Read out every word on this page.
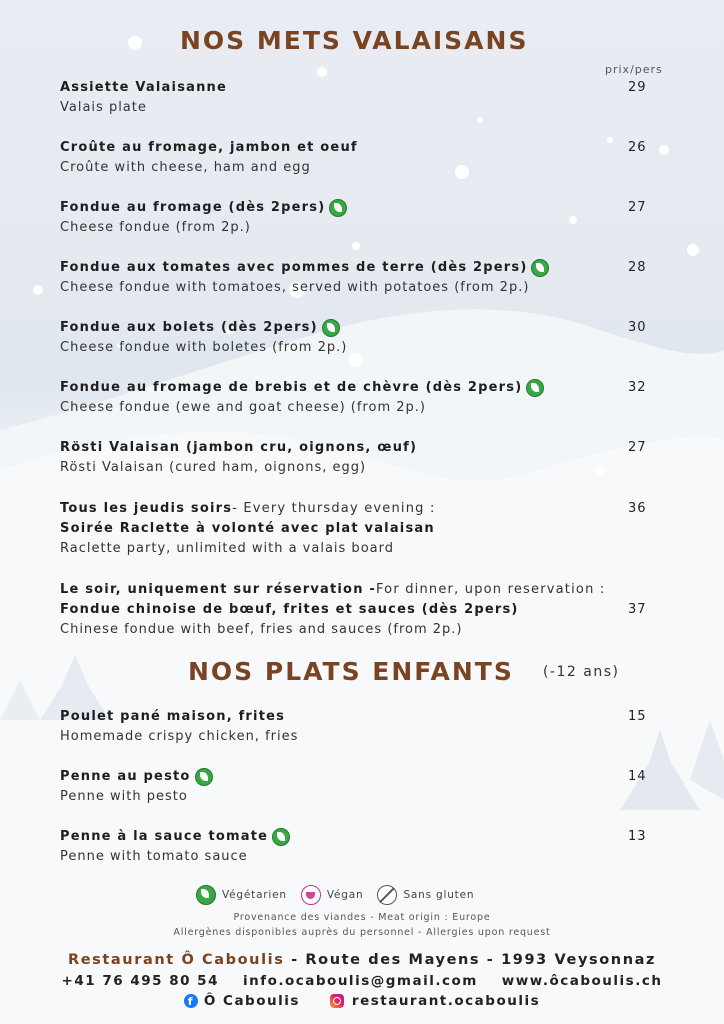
NOS METS VALAISANS
prix/pers
Assiette Valaisanne
Valais plate
29
Croûte au fromage, jambon et oeuf
Croûte with cheese, ham and egg
26
Fondue au fromage (dès 2pers)
Cheese fondue (from 2p.)
27
Fondue aux tomates avec pommes de terre (dès 2pers)
Cheese fondue with tomatoes, served with potatoes (from 2p.)
28
Fondue aux bolets (dès 2pers)
Cheese fondue with boletes (from 2p.)
30
Fondue au fromage de brebis et de chèvre (dès 2pers)
Cheese fondue (ewe and goat cheese) (from 2p.)
32
Rösti Valaisan (jambon cru, oignons, œuf)
Rösti Valaisan (cured ham, oignons, egg)
27
Tous les jeudis soirs - Every thursday evening :
Soirée Raclette à volonté avec plat valaisan
Raclette party, unlimited with a valais board
36
Le soir, uniquement sur réservation - For dinner, upon reservation :
Fondue chinoise de bœuf, frites et sauces (dès 2pers)
Chinese fondue with beef, fries and sauces (from 2p.)
37
NOS PLATS ENFANTS (-12 ans)
Poulet pané maison, frites
Homemade crispy chicken, fries
15
Penne au pesto
Penne with pesto
14
Penne à la sauce tomate
Penne with tomato sauce
13
Végétarien	Végan	Sans gluten
Provenance des viandes - Meat origin : Europe
Allergènes disponibles auprès du personnel - Allergies upon request
Restaurant Ô Caboulis - Route des Mayens - 1993 Veysonnaz
+41 76 495 80 54 info.ocaboulis@gmail.com www.ôcaboulis.ch
f Ô Caboulis	restaurant.ocaboulis
